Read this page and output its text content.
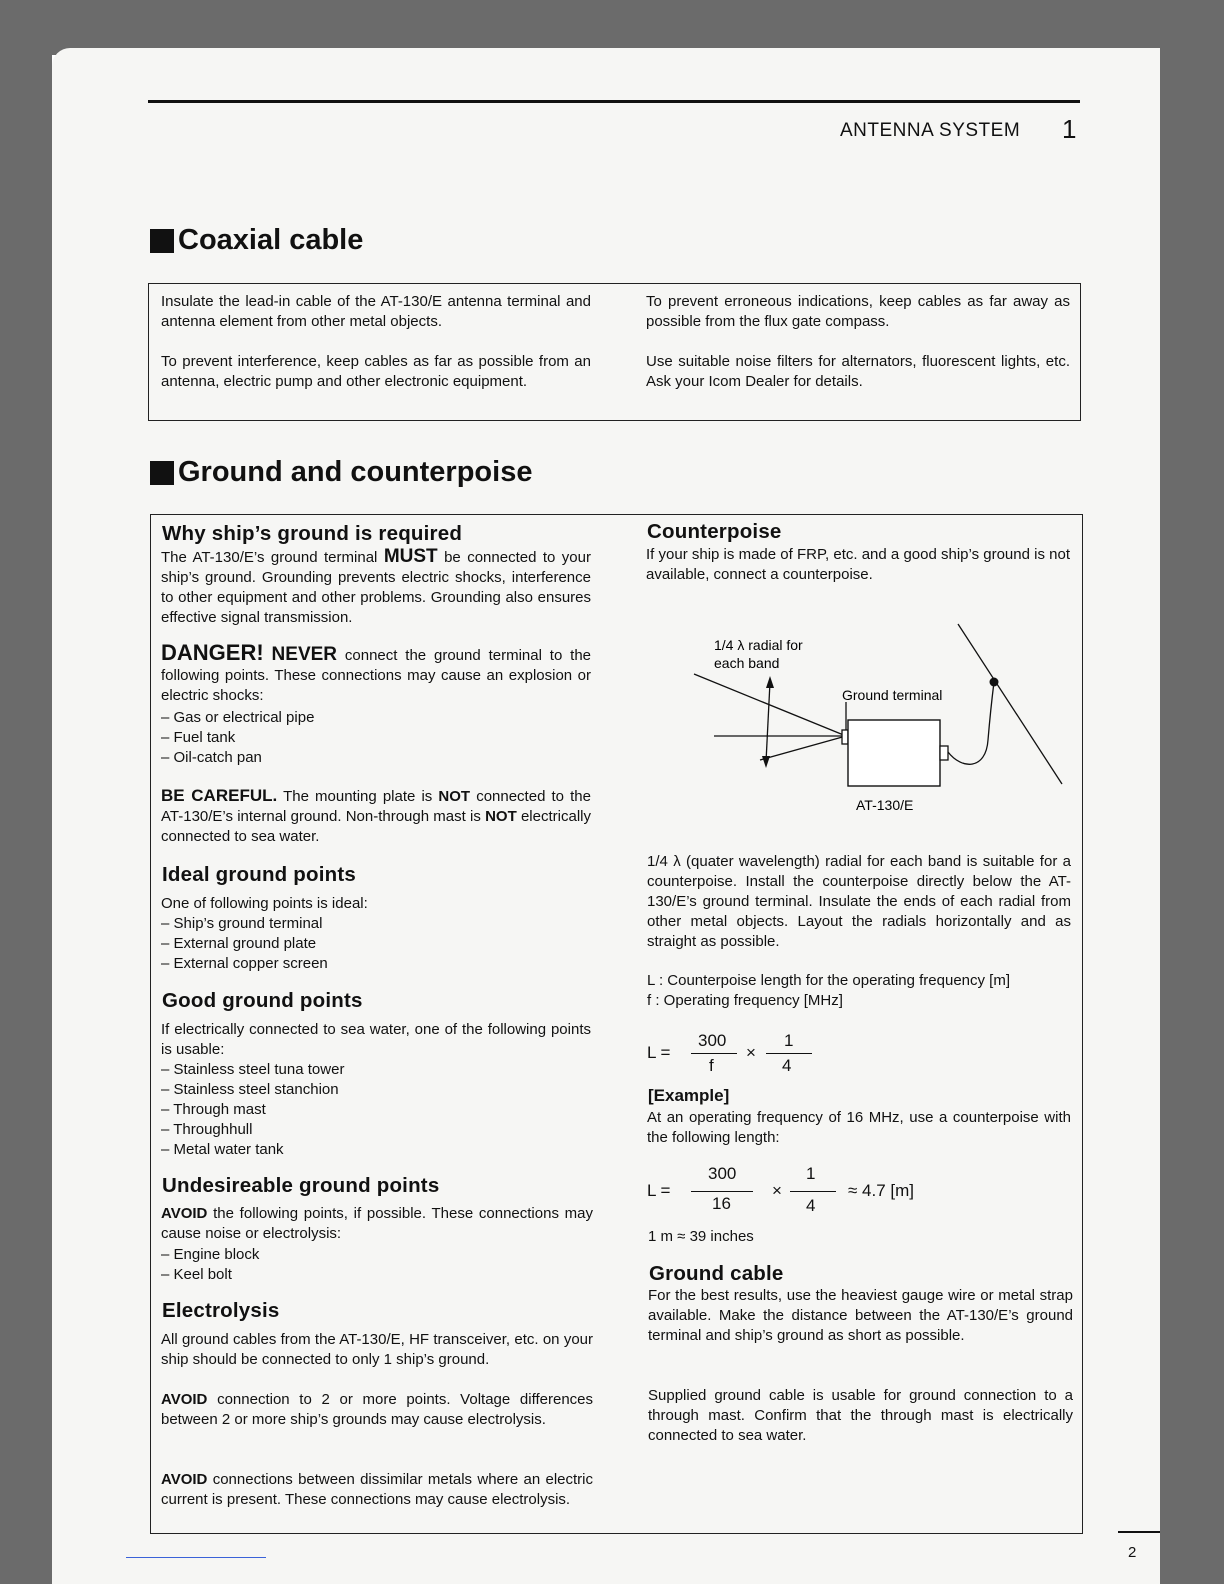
ANTENNA SYSTEM 1
Coaxial cable
Insulate the lead-in cable of the AT-130/E antenna terminal and antenna element from other metal objects.
To prevent interference, keep cables as far as possible from an antenna, electric pump and other electronic equipment.
To prevent erroneous indications, keep cables as far away as possible from the flux gate compass.
Use suitable noise filters for alternators, fluorescent lights, etc. Ask your Icom Dealer for details.
Ground and counterpoise
Why ship’s ground is required
The AT-130/E’s ground terminal MUST be connected to your ship’s ground. Grounding prevents electric shocks, interference to other equipment and other problems. Grounding also ensures effective signal transmission.
DANGER! NEVER connect the ground terminal to the following points. These connections may cause an explosion or electric shocks:
– Gas or electrical pipe
– Fuel tank
– Oil-catch pan
BE CAREFUL. The mounting plate is NOT connected to the AT-130/E’s internal ground. Non-through mast is NOT electrically connected to sea water.
Ideal ground points
One of following points is ideal:
– Ship’s ground terminal
– External ground plate
– External copper screen
Good ground points
If electrically connected to sea water, one of the following points is usable:
– Stainless steel tuna tower
– Stainless steel stanchion
– Through mast
– Throughhull
– Metal water tank
Undesireable ground points
AVOID the following points, if possible. These connections may cause noise or electrolysis:
– Engine block
– Keel bolt
Electrolysis
All ground cables from the AT-130/E, HF transceiver, etc. on your ship should be connected to only 1 ship’s ground.
AVOID connection to 2 or more points. Voltage differences between 2 or more ship’s grounds may cause electrolysis.
AVOID connections between dissimilar metals where an electric current is present. These connections may cause electrolysis.
Counterpoise
If your ship is made of FRP, etc. and a good ship’s ground is not available, connect a counterpoise.
1/4 λ radial for
each band
Ground terminal
AT-130/E
1/4 λ (quater wavelength) radial for each band is suitable for a counterpoise. Install the counterpoise directly below the AT-130/E’s ground terminal. Insulate the ends of each radial from other metal objects. Layout the radials horizontally and as straight as possible.
L : Counterpoise length for the operating frequency [m]
f : Operating frequency [MHz]
L =
300
f
×
1
4
[Example]
At an operating frequency of 16 MHz, use a counterpoise with the following length:
L =
300
16
×
1
4
≈ 4.7 [m]
1 m ≈ 39 inches
Ground cable
For the best results, use the heaviest gauge wire or metal strap available. Make the distance between the AT-130/E’s ground terminal and ship’s ground as short as possible.
Supplied ground cable is usable for ground connection to a through mast. Confirm that the through mast is electrically connected to sea water.
2
